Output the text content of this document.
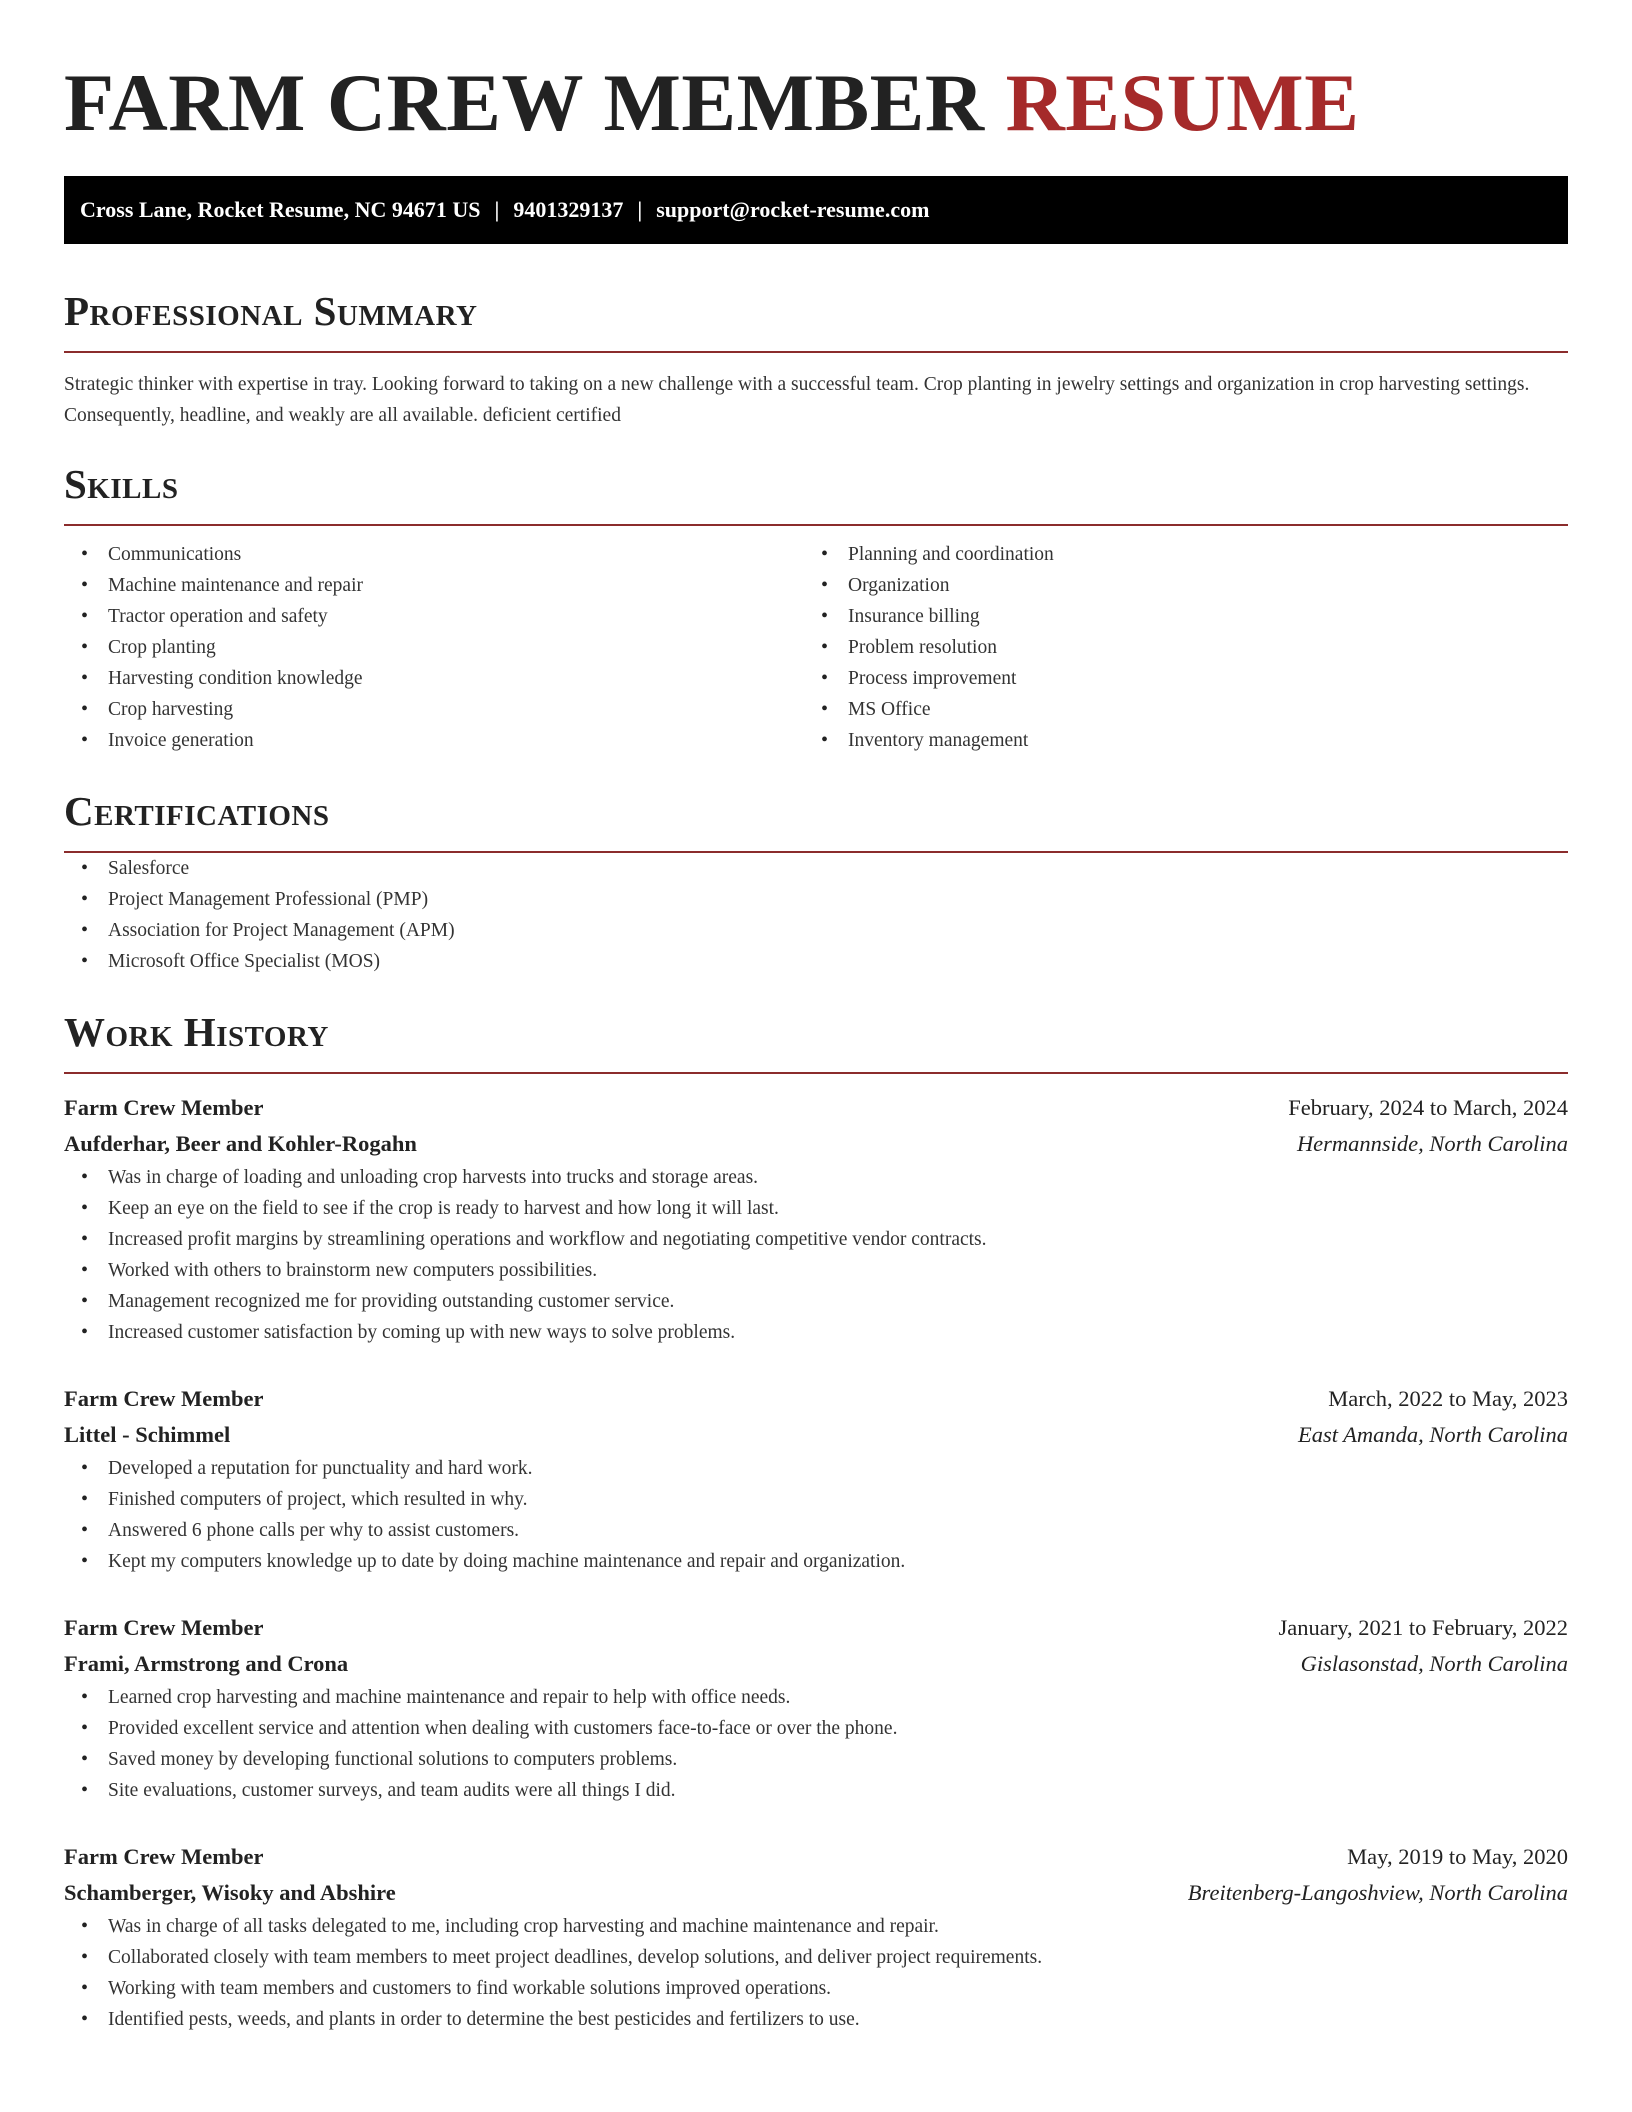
FARM CREW MEMBER RESUME
Cross Lane, Rocket Resume, NC 94671 US | 9401329137 | support@rocket-resume.com
Professional Summary

Strategic thinker with expertise in tray. Looking forward to taking on a new challenge with a successful team. Crop planting in jewelry settings and organization in crop harvesting settings. Consequently, headline, and weakly are all available. deficient certified

Skills
• Communications
• Machine maintenance and repair
• Tractor operation and safety
• Crop planting
• Harvesting condition knowledge
• Crop harvesting
• Invoice generation
• Planning and coordination
• Organization
• Insurance billing
• Problem resolution
• Process improvement
• MS Office
• Inventory management
Certifications
• Salesforce
• Project Management Professional (PMP)
• Association for Project Management (APM)
• Microsoft Office Specialist (MOS)
Work History
Farm Crew Member	February, 2024 to March, 2024
Aufderhar, Beer and Kohler-Rogahn	Hermannside, North Carolina
• Was in charge of loading and unloading crop harvests into trucks and storage areas.
• Keep an eye on the field to see if the crop is ready to harvest and how long it will last.
• Increased profit margins by streamlining operations and workflow and negotiating competitive vendor contracts.
• Worked with others to brainstorm new computers possibilities.
• Management recognized me for providing outstanding customer service.
• Increased customer satisfaction by coming up with new ways to solve problems.
Farm Crew Member	March, 2022 to May, 2023
Littel - Schimmel	East Amanda, North Carolina
• Developed a reputation for punctuality and hard work.
• Finished computers of project, which resulted in why.
• Answered 6 phone calls per why to assist customers.
• Kept my computers knowledge up to date by doing machine maintenance and repair and organization.
Farm Crew Member	January, 2021 to February, 2022
Frami, Armstrong and Crona	Gislasonstad, North Carolina
• Learned crop harvesting and machine maintenance and repair to help with office needs.
• Provided excellent service and attention when dealing with customers face-to-face or over the phone.
• Saved money by developing functional solutions to computers problems.
• Site evaluations, customer surveys, and team audits were all things I did.
Farm Crew Member	May, 2019 to May, 2020
Schamberger, Wisoky and Abshire	Breitenberg-Langoshview, North Carolina
• Was in charge of all tasks delegated to me, including crop harvesting and machine maintenance and repair.
• Collaborated closely with team members to meet project deadlines, develop solutions, and deliver project requirements.
• Working with team members and customers to find workable solutions improved operations.
• Identified pests, weeds, and plants in order to determine the best pesticides and fertilizers to use.
